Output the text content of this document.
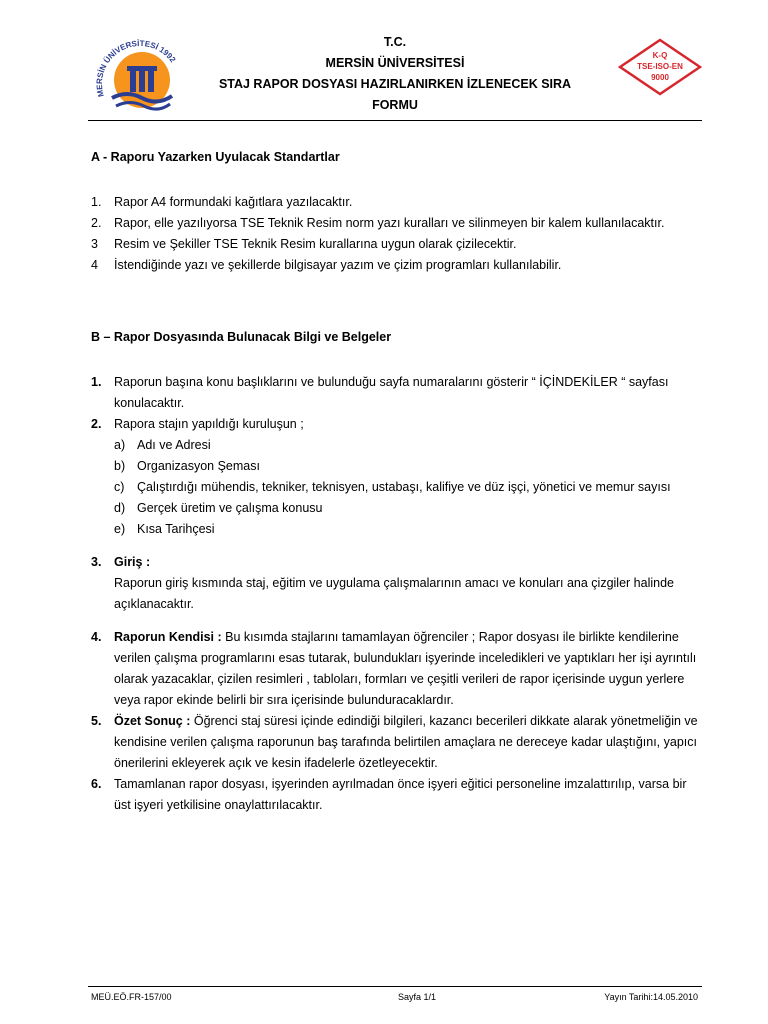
MERSİN ÜNİVERSİTESİ 1992
T.C.
MERSİN ÜNİVERSİTESİ
STAJ RAPOR DOSYASI HAZIRLANIRKEN İZLENECEK SIRA
FORMU
K-Q
TSE-ISO-EN
9000
A - Raporu Yazarken Uyulacak Standartlar
1.	Rapor A4 formundaki kağıtlara yazılacaktır.
2.	Rapor, elle yazılıyorsa TSE Teknik Resim norm yazı kuralları ve silinmeyen bir kalem kullanılacaktır.
3	Resim ve Şekiller TSE Teknik Resim kurallarına uygun olarak çizilecektir.
4	İstendiğinde yazı ve şekillerde bilgisayar yazım ve çizim programları kullanılabilir.
B – Rapor Dosyasında Bulunacak Bilgi ve Belgeler
1. Raporun başına konu başlıklarını ve bulunduğu sayfa numaralarını gösterir “ İÇİNDEKİLER “ sayfası konulacaktır.
2. Rapora stajın yapıldığı kuruluşun ;
a) Adı ve Adresi
b) Organizasyon Şeması
c) Çalıştırdığı mühendis, tekniker, teknisyen, ustabaşı, kalifiye ve düz işçi, yönetici ve memur sayısı
d) Gerçek üretim ve çalışma konusu
e) Kısa Tarihçesi
3. Giriş :
Raporun giriş kısmında staj, eğitim ve uygulama çalışmalarının amacı ve konuları ana çizgiler halinde açıklanacaktır.
4. Raporun Kendisi : Bu kısımda stajlarını tamamlayan öğrenciler ; Rapor dosyası ile birlikte kendilerine verilen çalışma programlarını esas tutarak, bulundukları işyerinde inceledikleri ve yaptıkları her işi ayrıntılı olarak yazacaklar, çizilen resimleri , tabloları, formları ve çeşitli verileri de rapor içerisinde uygun yerlere veya rapor ekinde belirli bir sıra içerisinde bulunduracaklardır.
5. Özet Sonuç : Öğrenci staj süresi içinde edindiği bilgileri, kazancı becerileri dikkate alarak yönetmeliğin ve kendisine verilen çalışma raporunun baş tarafında belirtilen amaçlara ne dereceye kadar ulaştığını, yapıcı önerilerini ekleyerek açık ve kesin ifadelerle özetleyecektir.
6. Tamamlanan rapor dosyası, işyerinden ayrılmadan önce işyeri eğitici personeline imzalattırılıp, varsa bir üst işyeri yetkilisine onaylattırılacaktır.
MEÜ.EÖ.FR-157/00	Sayfa 1/1	Yayın Tarihi:14.05.2010
